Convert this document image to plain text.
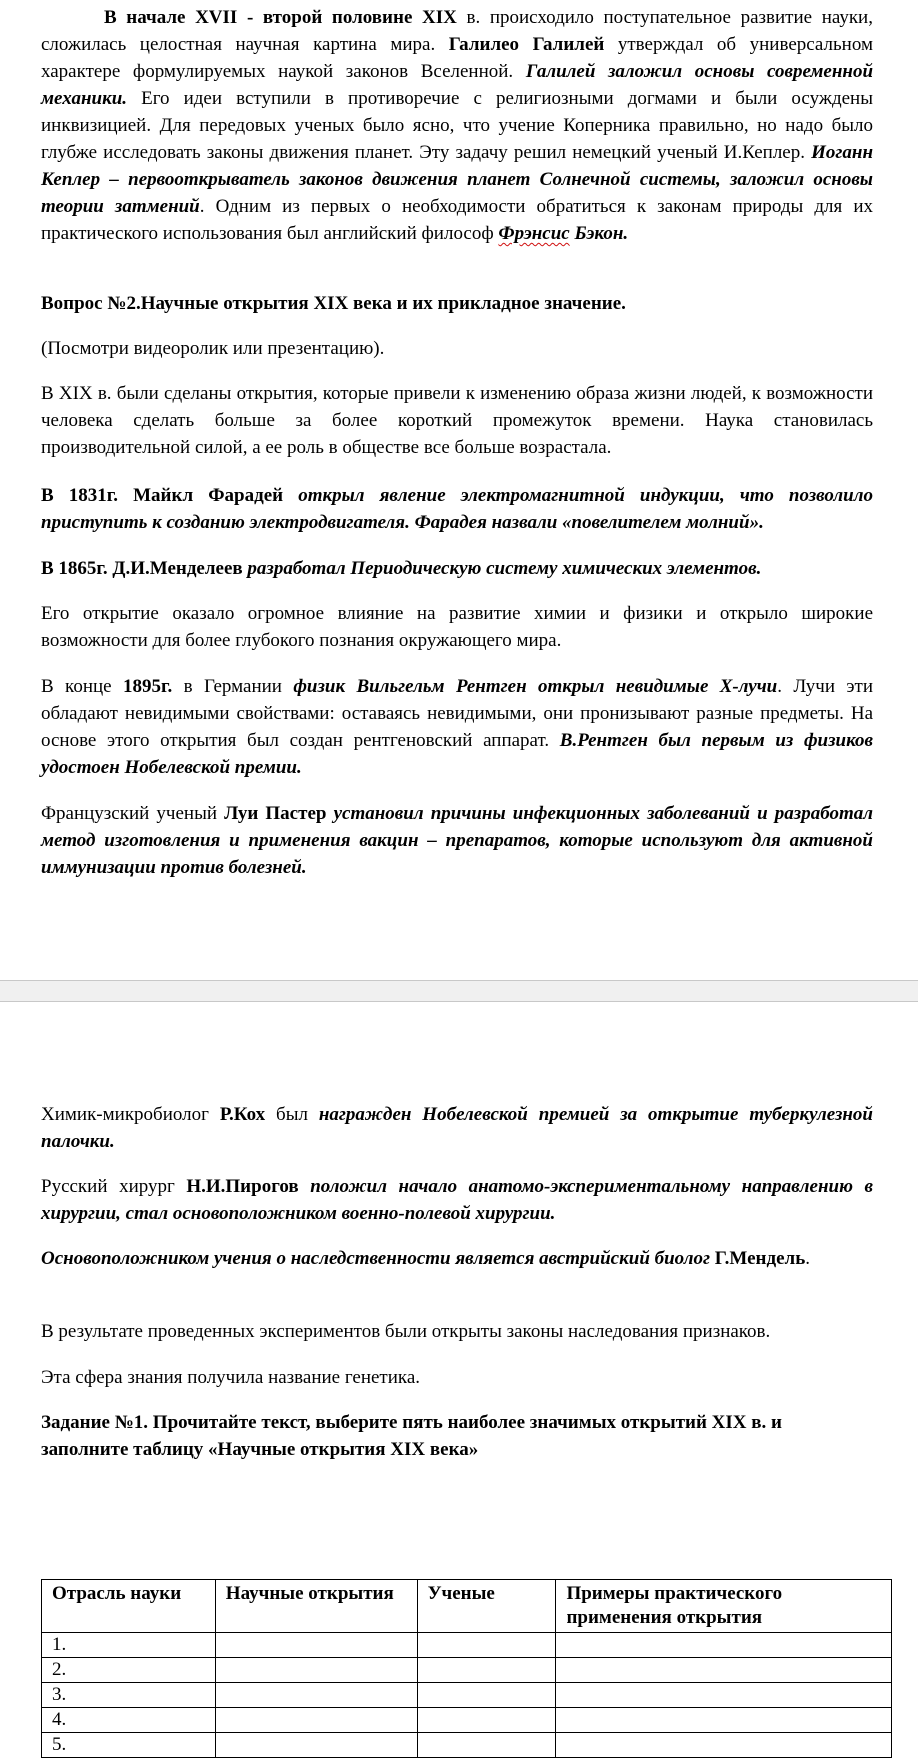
В начале XVII - второй половине XIX в. происходило поступательное развитие науки, сложилась целостная научная картина мира. Галилео Галилей утверждал об универсальном характере формулируемых наукой законов Вселенной. Галилей заложил основы современной механики. Его идеи вступили в противоречие с религиозными догмами и были осуждены инквизицией. Для передовых ученых было ясно, что учение Коперника правильно, но надо было глубже исследовать законы движения планет. Эту задачу решил немецкий ученый И.Кеплер. Иоганн Кеплер – первооткрыватель законов движения планет Солнечной системы, заложил основы теории затмений. Одним из первых о необходимости обратиться к законам природы для их практического использования был английский философ Фрэнсис Бэкон.

Вопрос №2.Научные открытия XIX века и их прикладное значение.

(Посмотри видеоролик или презентацию).

В XIX в. были сделаны открытия, которые привели к изменению образа жизни людей, к возможности человека сделать больше за более короткий промежуток времени. Наука становилась производительной силой, а ее роль в обществе все больше возрастала.

В 1831г. Майкл Фарадей открыл явление электромагнитной индукции, что позволило приступить к созданию электродвигателя. Фарадея назвали «повелителем молний».

В 1865г. Д.И.Менделеев разработал Периодическую систему химических элементов.

Его открытие оказало огромное влияние на развитие химии и физики и открыло широкие возможности для более глубокого познания окружающего мира.

В конце 1895г. в Германии физик Вильгельм Рентген открыл невидимые Х-лучи. Лучи эти обладают невидимыми свойствами: оставаясь невидимыми, они пронизывают разные предметы. На основе этого открытия был создан рентгеновский аппарат. В.Рентген был первым из физиков удостоен Нобелевской премии.

Французский ученый Луи Пастер установил причины инфекционных заболеваний и разработал метод изготовления и применения вакцин – препаратов, которые используют для активной иммунизации против болезней.

Химик-микробиолог Р.Кох был награжден Нобелевской премией за открытие туберкулезной палочки.

Русский хирург Н.И.Пирогов положил начало анатомо-экспериментальному направлению в хирургии, стал основоположником военно-полевой хирургии.

Основоположником учения о наследственности является австрийский биолог Г.Мендель.

В результате проведенных экспериментов были открыты законы наследования признаков.

Эта сфера знания получила название генетика.

Задание №1. Прочитайте текст, выберите пять наиболее значимых открытий XIX в. и заполните таблицу «Научные открытия XIX века»

Отрасль науки	Научные открытия	Ученые	Примеры практического применения открытия
1.			
2.			
3.			
4.			
5.			
